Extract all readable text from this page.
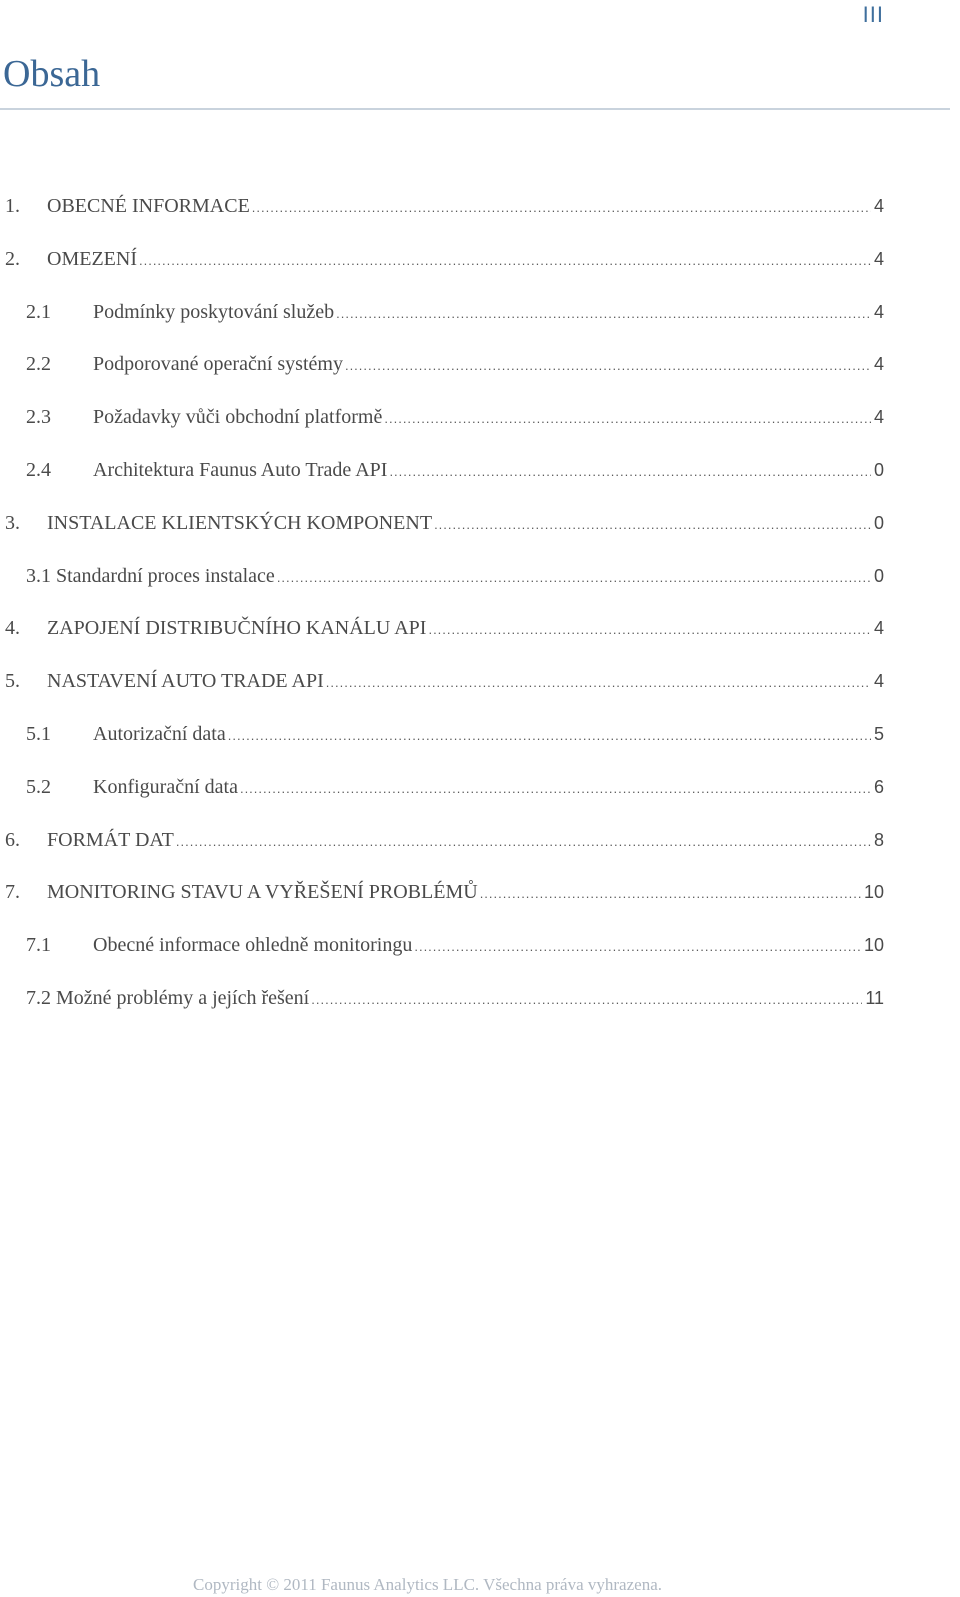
III
Obsah
1.	OBECNÉ INFORMACE .....	4
2.	OMEZENÍ .....	4
2.1	Podmínky poskytování služeb .....	4
2.2	Podporované operační systémy .....	4
2.3	Požadavky vůči obchodní platformě .....	4
2.4	Architektura Faunus Auto Trade API .....	0
3.	INSTALACE KLIENTSKÝCH KOMPONENT .....	0
3.1 Standardní proces instalace .....	0
4.	ZAPOJENÍ DISTRIBUČNÍHO KANÁLU API .....	4
5.	NASTAVENÍ AUTO TRADE API .....	4
5.1	Autorizační data .....	5
5.2	Konfigurační data .....	6
6.	FORMÁT DAT .....	8
7.	MONITORING STAVU A VYŘEŠENÍ PROBLÉMŮ .....	10
7.1	Obecné informace ohledně monitoringu .....	10
7.2 Možné problémy a jejích řešení .....	11
Copyright © 2011 Faunus Analytics LLC. Všechna práva vyhrazena.
